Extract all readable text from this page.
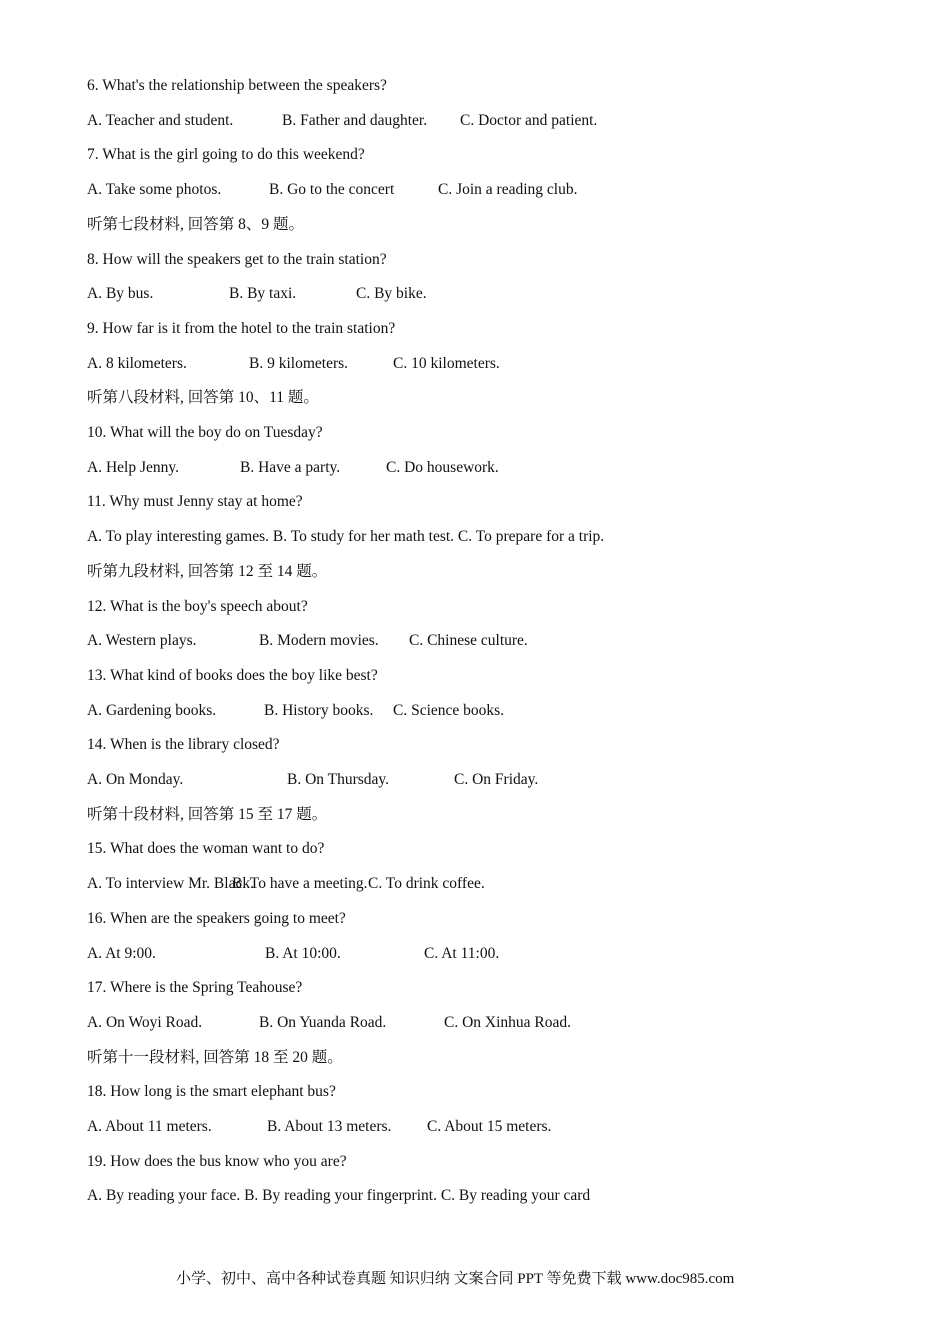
6. What's the relationship between the speakers?
A. Teacher and student.	B. Father and daughter. C. Doctor and patient.
7. What is the girl going to do this weekend?
A. Take some photos.	B. Go to the concert	C. Join a reading club.
听第七段材料, 回答第 8、9 题。
8. How will the speakers get to the train station?
A. By bus.	B. By taxi.	C. By bike.
9. How far is it from the hotel to the train station?
A. 8 kilometers.	B. 9 kilometers.	C. 10 kilometers.
听第八段材料, 回答第 10、11 题。
10. What will the boy do on Tuesday?
A. Help Jenny.	B. Have a party.	C. Do housework.
11. Why must Jenny stay at home?
A. To play interesting games. B. To study for her math test. C. To prepare for a trip.
听第九段材料, 回答第 12 至 14 题。
12. What is the boy's speech about?
A. Western plays.	B. Modern movies. C. Chinese culture.
13. What kind of books does the boy like best?
A. Gardening books.	B. History books. C. Science books.
14. When is the library closed?
A. On Monday.	B. On Thursday.	C. On Friday.
听第十段材料, 回答第 15 至 17 题。
15. What does the woman want to do?
A. To interview Mr. Black.
B. To have a meeting. C. To drink coffee.
16. When are the speakers going to meet?
A. At 9:00.	B. At 10:00.	C. At 11:00.
17. Where is the Spring Teahouse?
A. On Woyi Road.	B. On Yuanda Road.	C. On Xinhua Road.
听第十一段材料, 回答第 18 至 20 题。
18. How long is the smart elephant bus?
A. About 11 meters.	B. About 13 meters. C. About 15 meters.
19. How does the bus know who you are?
A. By reading your face. B. By reading your fingerprint. C. By reading your card
小学、初中、高中各种试卷真题 知识归纳 文案合同 PPT 等免费下载 www.doc985.com
